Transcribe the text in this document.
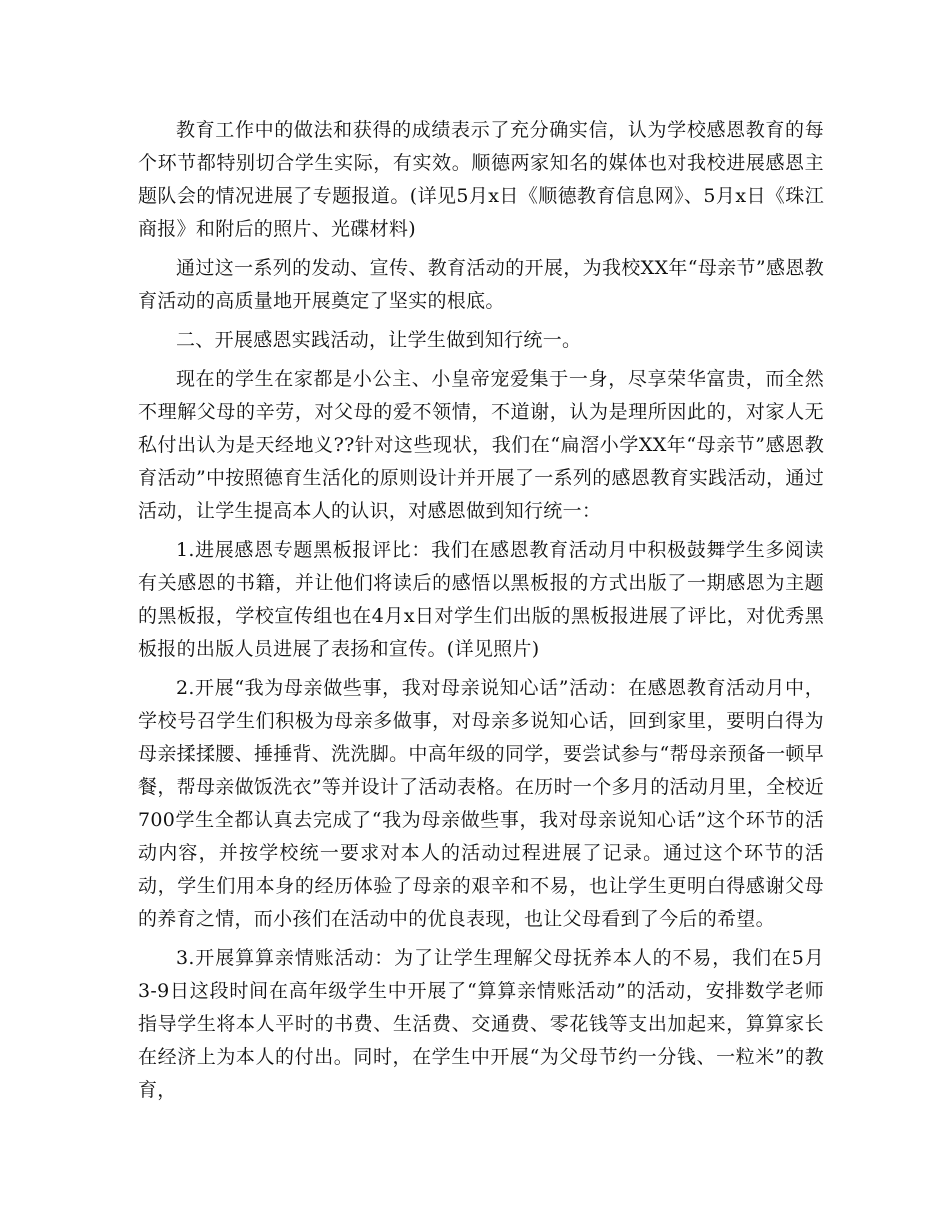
教育工作中的做法和获得的成绩表示了充分确实信，认为学校感恩教育的每个环节都特别切合学生实际，有实效。顺德两家知名的媒体也对我校进展感恩主题队会的情况进展了专题报道。(详见5月x日《顺德教育信息网》、5月x日《珠江商报》和附后的照片、光碟材料)

通过这一系列的发动、宣传、教育活动的开展，为我校XX年“母亲节”感恩教育活动的高质量地开展奠定了坚实的根底。

二、开展感恩实践活动，让学生做到知行统一。

现在的学生在家都是小公主、小皇帝宠爱集于一身，尽享荣华富贵，而全然不理解父母的辛劳，对父母的爱不领情，不道谢，认为是理所因此的，对家人无私付出认为是天经地义??针对这些现状，我们在“扁滘小学XX年“母亲节”感恩教育活动”中按照德育生活化的原则设计并开展了一系列的感恩教育实践活动，通过活动，让学生提高本人的认识，对感恩做到知行统一：

1.进展感恩专题黑板报评比：我们在感恩教育活动月中积极鼓舞学生多阅读有关感恩的书籍，并让他们将读后的感悟以黑板报的方式出版了一期感恩为主题的黑板报，学校宣传组也在4月x日对学生们出版的黑板报进展了评比，对优秀黑板报的出版人员进展了表扬和宣传。(详见照片)

2.开展“我为母亲做些事，我对母亲说知心话”活动：在感恩教育活动月中，学校号召学生们积极为母亲多做事，对母亲多说知心话，回到家里，要明白得为母亲揉揉腰、捶捶背、洗洗脚。中高年级的同学，要尝试参与“帮母亲预备一顿早餐，帮母亲做饭洗衣”等并设计了活动表格。在历时一个多月的活动月里，全校近700学生全都认真去完成了“我为母亲做些事，我对母亲说知心话”这个环节的活动内容，并按学校统一要求对本人的活动过程进展了记录。通过这个环节的活动，学生们用本身的经历体验了母亲的艰辛和不易，也让学生更明白得感谢父母的养育之情，而小孩们在活动中的优良表现，也让父母看到了今后的希望。

3.开展算算亲情账活动：为了让学生理解父母抚养本人的不易，我们在5月3-9日这段时间在高年级学生中开展了“算算亲情账活动”的活动，安排数学老师指导学生将本人平时的书费、生活费、交通费、零花钱等支出加起来，算算家长在经济上为本人的付出。同时，在学生中开展“为父母节约一分钱、一粒米”的教育，
